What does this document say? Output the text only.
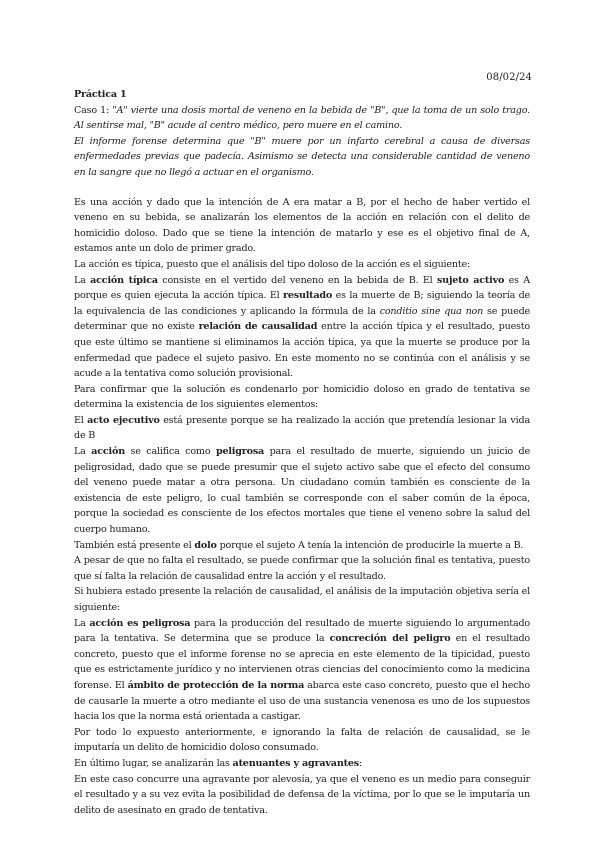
08/02/24

Práctica 1

Caso 1: "A" vierte una dosis mortal de veneno en la bebida de "B", que la toma de un solo trago. Al sentirse mal, "B" acude al centro médico, pero muere en el camino.

El informe forense determina que "B" muere por un infarto cerebral a causa de diversas enfermedades previas que padecía. Asimismo se detecta una considerable cantidad de veneno en la sangre que no llegó a actuar en el organismo.

Es una acción y dado que la intención de A era matar a B, por el hecho de haber vertido el veneno en su bebida, se analizarán los elementos de la acción en relación con el delito de homicidio doloso. Dado que se tiene la intención de matarlo y ese es el objetivo final de A, estamos ante un dolo de primer grado.

La acción es típica, puesto que el análisis del tipo doloso de la acción es el siguiente:

La acción típica consiste en el vertido del veneno en la bebida de B. El sujeto activo es A porque es quien ejecuta la acción típica. El resultado es la muerte de B; siguiendo la teoría de la equivalencia de las condiciones y aplicando la fórmula de la conditio sine qua non se puede determinar que no existe relación de causalidad entre la acción típica y el resultado, puesto que este último se mantiene si eliminamos la acción típica, ya que la muerte se produce por la enfermedad que padece el sujeto pasivo. En este momento no se continúa con el análisis y se acude a la tentativa como solución provisional.

Para confirmar que la solución es condenarlo por homicidio doloso en grado de tentativa se determina la existencia de los siguientes elementos:

El acto ejecutivo está presente porque se ha realizado la acción que pretendía lesionar la vida de B

La acción se califica como peligrosa para el resultado de muerte, siguiendo un juicio de peligrosidad, dado que se puede presumir que el sujeto activo sabe que el efecto del consumo del veneno puede matar a otra persona. Un ciudadano común también es consciente de la existencia de este peligro, lo cual también se corresponde con el saber común de la época, porque la sociedad es consciente de los efectos mortales que tiene el veneno sobre la salud del cuerpo humano.

También está presente el dolo porque el sujeto A tenía la intención de producirle la muerte a B.

A pesar de que no falta el resultado, se puede confirmar que la solución final es tentativa, puesto que sí falta la relación de causalidad entre la acción y el resultado.

Si hubiera estado presente la relación de causalidad, el análisis de la imputación objetiva sería el siguiente:

La acción es peligrosa para la producción del resultado de muerte siguiendo lo argumentado para la tentativa. Se determina que se produce la concreción del peligro en el resultado concreto, puesto que el informe forense no se aprecia en este elemento de la tipicidad, puesto que es estrictamente jurídico y no intervienen otras ciencias del conocimiento como la medicina forense. El ámbito de protección de la norma abarca este caso concreto, puesto que el hecho de causarle la muerte a otro mediante el uso de una sustancia venenosa es uno de los supuestos hacia los que la norma está orientada a castigar.

Por todo lo expuesto anteriormente, e ignorando la falta de relación de causalidad, se le imputaría un delito de homicidio doloso consumado.

En último lugar, se analizarán las atenuantes y agravantes:

En este caso concurre una agravante por alevosía, ya que el veneno es un medio para conseguir el resultado y a su vez evita la posibilidad de defensa de la víctima, por lo que se le imputaría un delito de asesinato en grado de tentativa.
